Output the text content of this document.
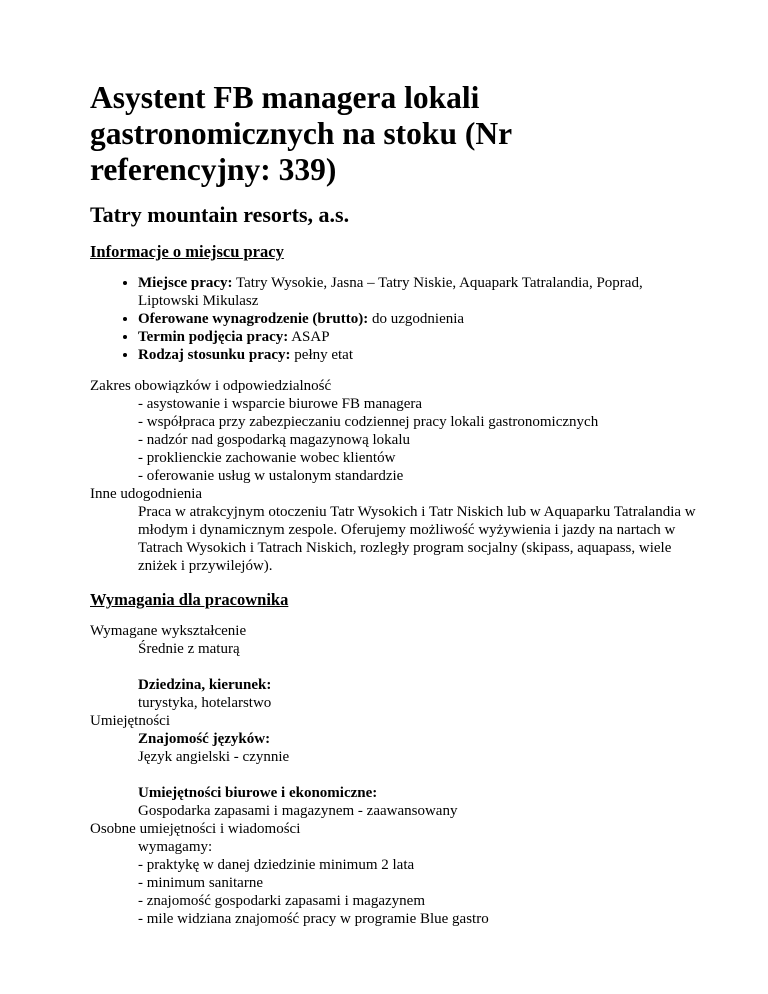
Asystent FB managera lokali gastronomicznych na stoku (Nr referencyjny: 339)
Tatry mountain resorts, a.s.
Informacje o miejscu pracy
• Miejsce pracy: Tatry Wysokie, Jasna – Tatry Niskie, Aquapark Tatralandia, Poprad, Liptowski Mikulasz
• Oferowane wynagrodzenie (brutto): do uzgodnienia
• Termin podjęcia pracy: ASAP
• Rodzaj stosunku pracy: pełny etat
Zakres obowiązków i odpowiedzialność
- asystowanie i wsparcie biurowe FB managera
- współpraca przy zabezpieczaniu codziennej pracy lokali gastronomicznych
- nadzór nad gospodarką magazynową lokalu
- proklienckie zachowanie wobec klientów
- oferowanie usług w ustalonym standardzie
Inne udogodnienia
Praca w atrakcyjnym otoczeniu Tatr Wysokich i Tatr Niskich lub w Aquaparku Tatralandia w młodym i dynamicznym zespole. Oferujemy możliwość wyżywienia i jazdy na nartach w Tatrach Wysokich i Tatrach Niskich, rozległy program socjalny (skipass, aquapass, wiele zniżek i przywilejów).
Wymagania dla pracownika
Wymagane wykształcenie
Średnie z maturą
Dziedzina, kierunek:
turystyka, hotelarstwo
Umiejętności
Znajomość języków:
Język angielski - czynnie
Umiejętności biurowe i ekonomiczne:
Gospodarka zapasami i magazynem - zaawansowany
Osobne umiejętności i wiadomości
wymagamy:
- praktykę w danej dziedzinie minimum 2 lata
- minimum sanitarne
- znajomość gospodarki zapasami i magazynem
- mile widziana znajomość pracy w programie Blue gastro
